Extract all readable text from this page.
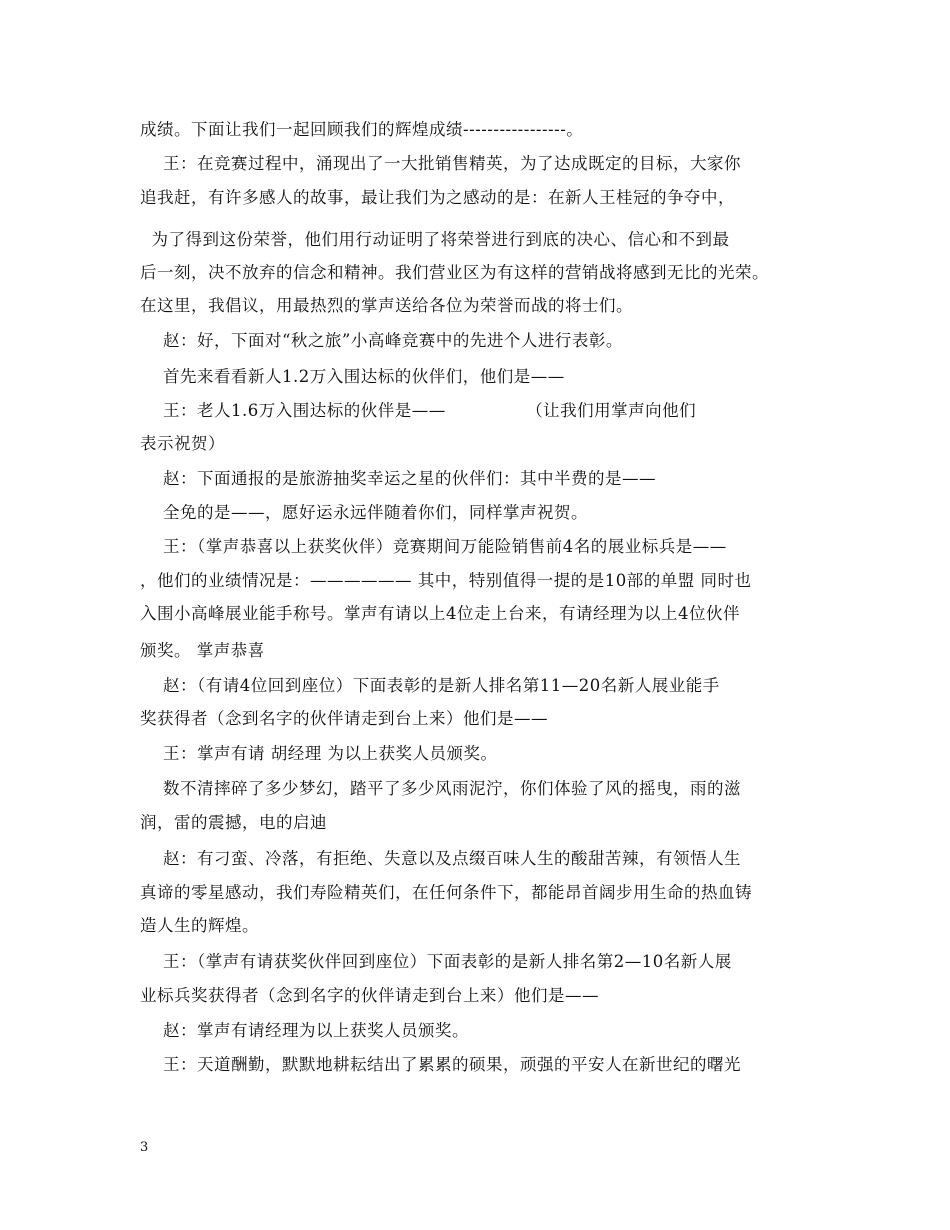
成绩。下面让我们一起回顾我们的辉煌成绩-----------------。
王：在竞赛过程中，涌现出了一大批销售精英，为了达成既定的目标，大家你
追我赶，有许多感人的故事，最让我们为之感动的是：在新人王桂冠的争夺中，
为了得到这份荣誉，他们用行动证明了将荣誉进行到底的决心、信心和不到最
后一刻，决不放弃的信念和精神。我们营业区为有这样的营销战将感到无比的光荣。
在这里，我倡议，用最热烈的掌声送给各位为荣誉而战的将士们。
赵：好，下面对“秋之旅”小高峰竞赛中的先进个人进行表彰。
首先来看看新人1.2万入围达标的伙伴们，他们是——
王：老人1.6万入围达标的伙伴是——              （让我们用掌声向他们
表示祝贺）
赵：下面通报的是旅游抽奖幸运之星的伙伴们：其中半费的是——
全免的是——，愿好运永远伴随着你们，同样掌声祝贺。
王：（掌声恭喜以上获奖伙伴）竞赛期间万能险销售前4名的展业标兵是——
，他们的业绩情况是：—————— 其中，特别值得一提的是10部的单盟 同时也
入围小高峰展业能手称号。掌声有请以上4位走上台来，有请经理为以上4位伙伴
颁奖。 掌声恭喜
赵：（有请4位回到座位）下面表彰的是新人排名第11—20名新人展业能手
奖获得者（念到名字的伙伴请走到台上来）他们是——
王：掌声有请 胡经理 为以上获奖人员颁奖。
数不清摔碎了多少梦幻，踏平了多少风雨泥泞，你们体验了风的摇曳，雨的滋
润，雷的震撼，电的启迪
赵：有刁蛮、冷落，有拒绝、失意以及点缀百味人生的酸甜苦辣，有领悟人生
真谛的零星感动，我们寿险精英们，在任何条件下，都能昂首阔步用生命的热血铸
造人生的辉煌。
王：（掌声有请获奖伙伴回到座位）下面表彰的是新人排名第2—10名新人展
业标兵奖获得者（念到名字的伙伴请走到台上来）他们是——
赵：掌声有请经理为以上获奖人员颁奖。
王：天道酬勤，默默地耕耘结出了累累的硕果，顽强的平安人在新世纪的曙光
3
